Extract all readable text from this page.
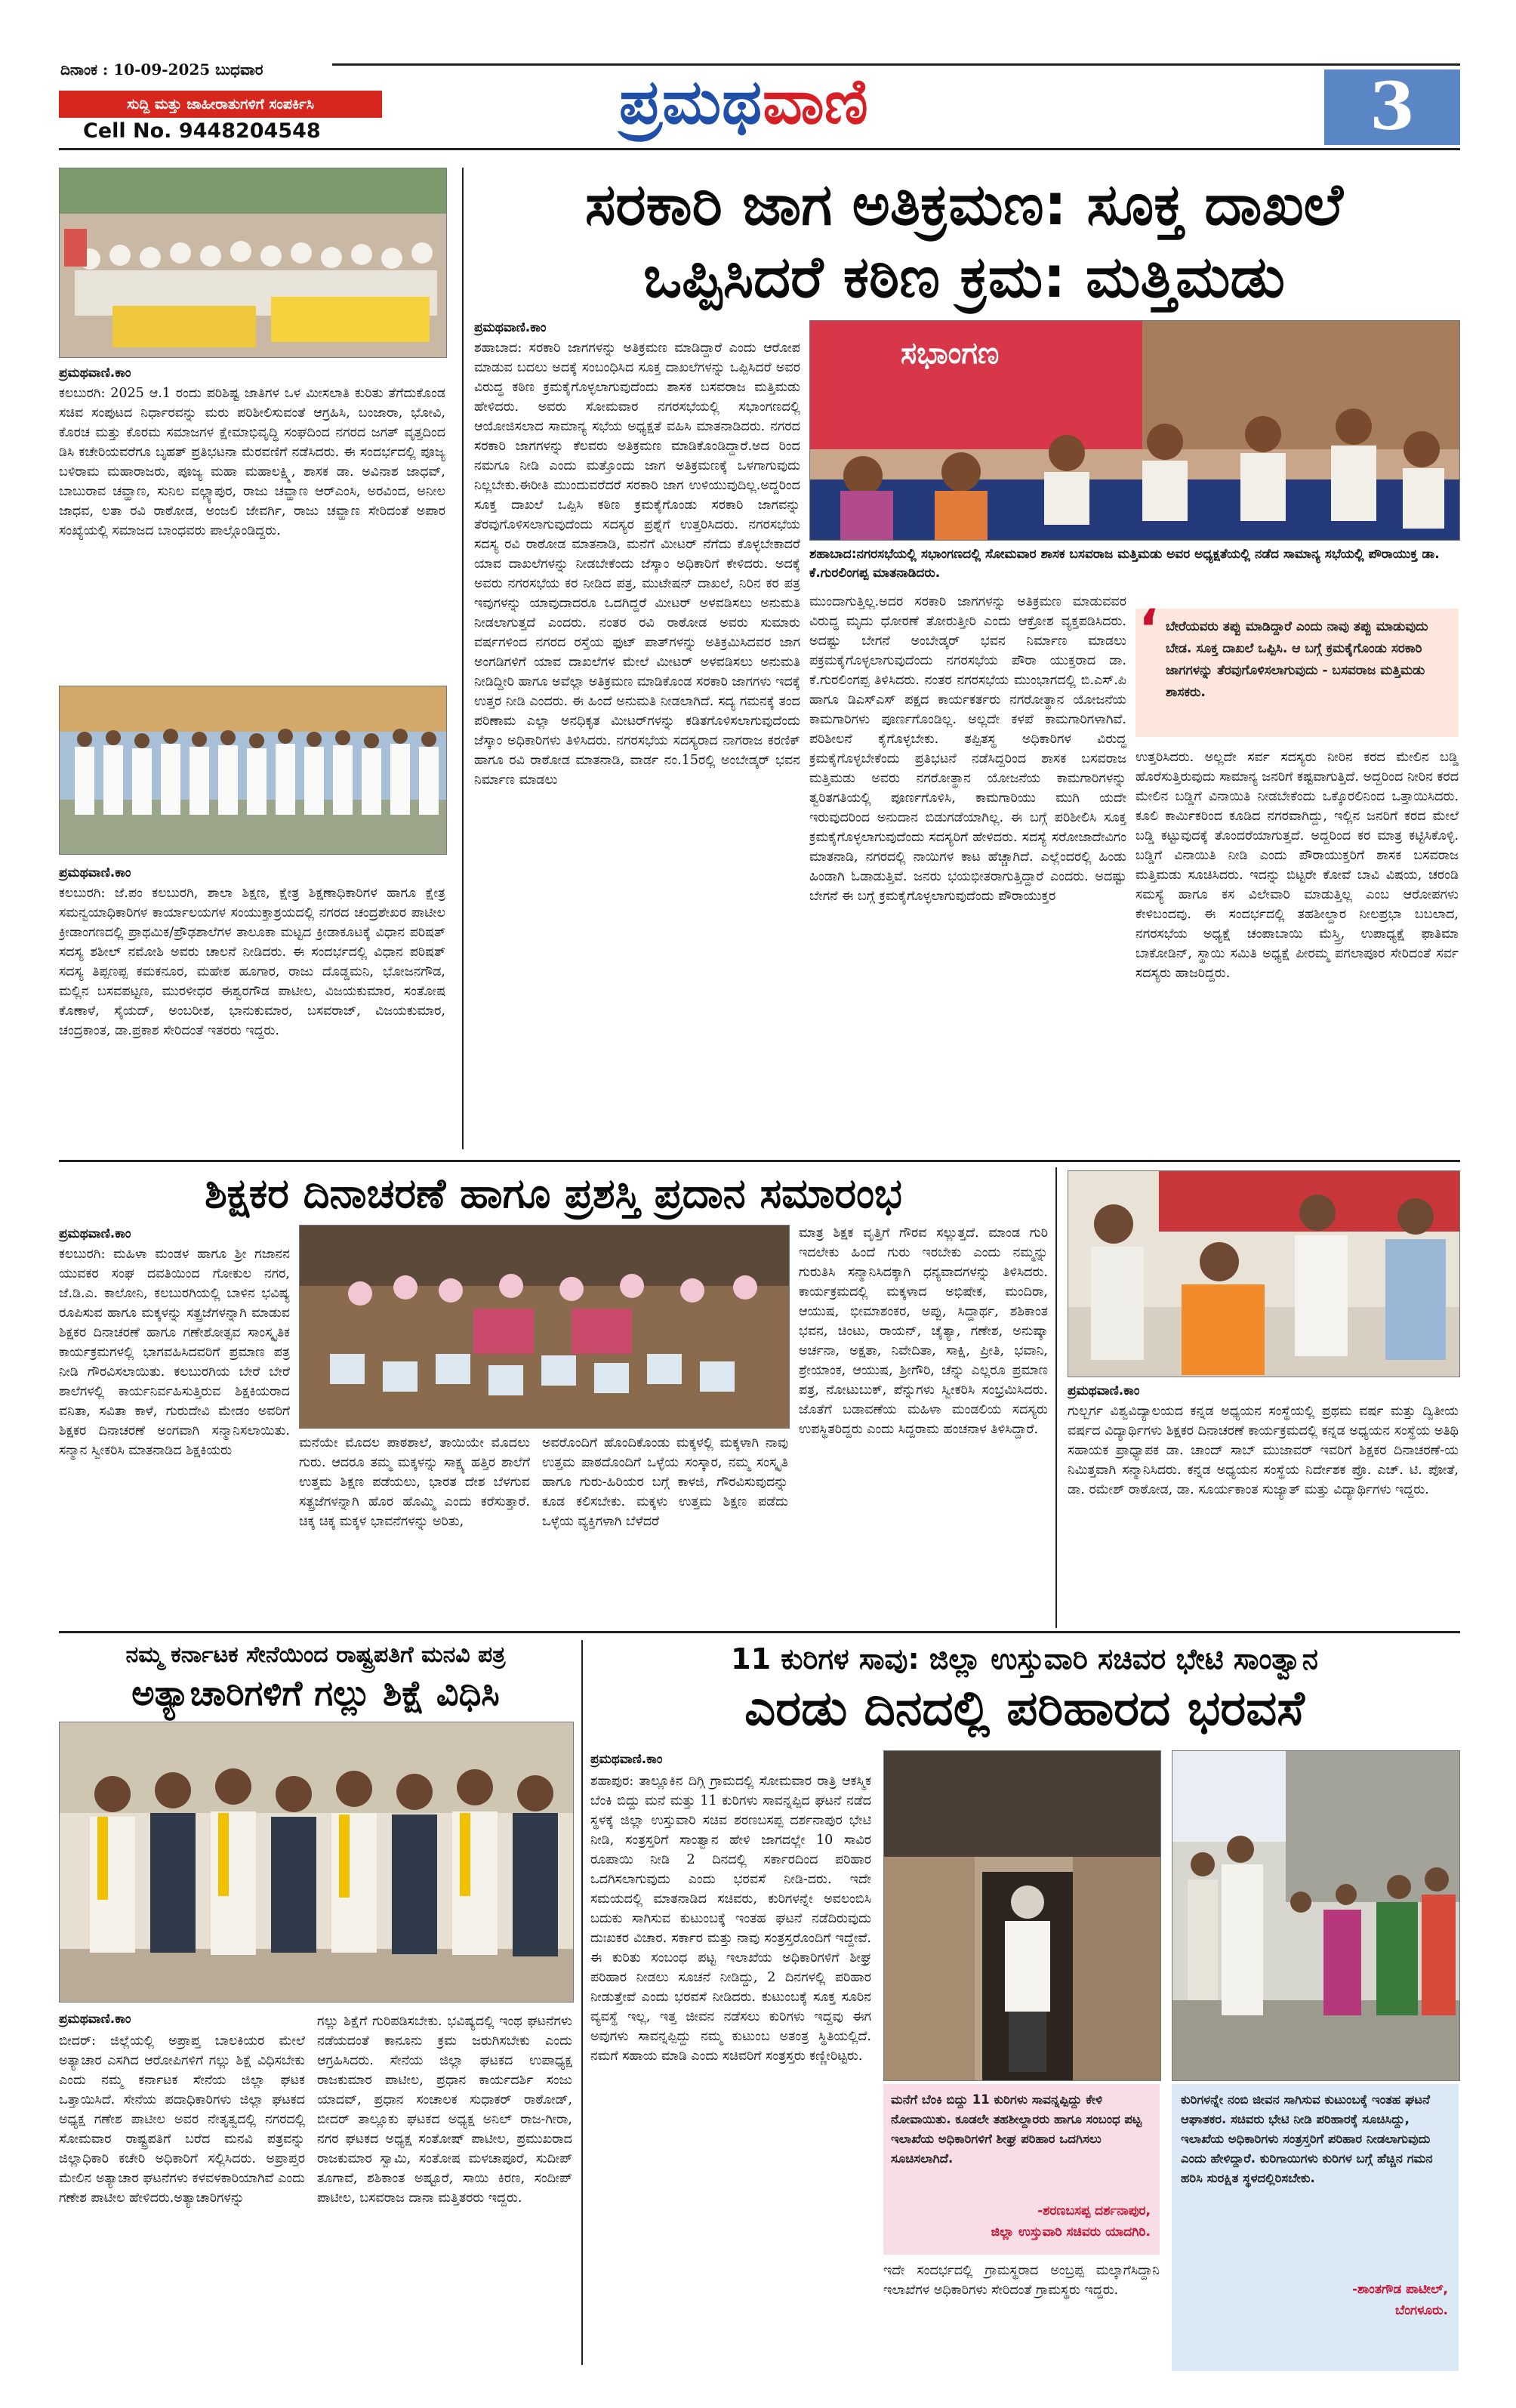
ದಿನಾಂಕ : 10-09-2025 ಬುಧವಾರ
ಸುದ್ದಿ ಮತ್ತು ಜಾಹೀರಾತುಗಳಿಗೆ ಸಂಪರ್ಕಿಸಿ
Cell No. 9448204548	ಪ್ರಮಥವಾಣಿ	3
ಪ್ರಮಥವಾಣಿ.ಕಾಂ
ಕಲಬುರಗಿ: 2025 ಆ.1 ರಂದು ಪರಿಶಿಷ್ಟ ಜಾತಿಗಳ ಒಳ ಮೀಸಲಾತಿ ಕುರಿತು ತೆಗೆದುಕೊಂಡ ಸಚಿವ ಸಂಪುಟದ ನಿರ್ಧಾರವನ್ನು ಮರು ಪರಿಶೀಲಿಸುವಂತೆ ಆಗ್ರಹಿಸಿ, ಬಂಜಾರಾ, ಭೋವಿ, ಕೊರಚ ಮತ್ತು ಕೊರಮ ಸಮಾಜಗಳ ಕ್ಷೇಮಾಭಿವೃದ್ಧಿ ಸಂಘದಿಂದ ನಗರದ ಜಗತ್ ವೃತ್ತದಿಂದ ಡಿಸಿ ಕಚೇರಿಯವರೆಗೂ ಬೃಹತ್ ಪ್ರತಿಭಟನಾ ಮೆರವಣಿಗೆ ನಡೆಸಿದರು. ಈ ಸಂದರ್ಭದಲ್ಲಿ ಪೂಜ್ಯ ಬಳಿರಾಮ ಮಹಾರಾಜರು, ಪೂಜ್ಯ ಮಹಾ ಮಹಾಲಕ್ಷ್ಮಿ, ಶಾಸಕ ಡಾ. ಅವಿನಾಶ ಜಾಧವ್, ಬಾಬುರಾವ ಚವ್ಹಾಣ, ಸುನಿಲ ವಲ್ಲ್ಯಾಪುರ, ರಾಜು ಚವ್ಹಾಣ ಆರ್‌ಎಂಸಿ, ಅರವಿಂದ, ಅನೀಲ ಜಾಧವ, ಲತಾ ರವಿ ರಾಠೋಡ, ಅಂಜಲಿ ಜೇವರ್ಗಿ, ರಾಜು ಚವ್ಹಾಣ ಸೇರಿದಂತೆ ಅಪಾರ ಸಂಖ್ಯೆಯಲ್ಲಿ ಸಮಾಜದ ಬಾಂಧವರು ಪಾಲ್ಗೊಂಡಿದ್ದರು.
ಪ್ರಮಥವಾಣಿ.ಕಾಂ
ಕಲಬುರಗಿ: ಜೆ.ಪಂ ಕಲಬುರಗಿ, ಶಾಲಾ ಶಿಕ್ಷಣ, ಕ್ಷೇತ್ರ ಶಿಕ್ಷಣಾಧಿಕಾರಿಗಳ ಹಾಗೂ ಕ್ಷೇತ್ರ ಸಮನ್ವಯಾಧಿಕಾರಿಗಳ ಕಾರ್ಯಾಲಯಗಳ ಸಂಯುಕ್ತಾಶ್ರಯದಲ್ಲಿ ನಗರದ ಚಂದ್ರಶೇಖರ ಪಾಟೀಲ ಕ್ರೀಡಾಂಗಣದಲ್ಲಿ ಪ್ರಾಥಮಿಕ/ಪ್ರೌಢಶಾಲೆಗಳ ತಾಲೂಕಾ ಮಟ್ಟದ ಕ್ರೀಡಾಕೂಟಕ್ಕೆ ವಿಧಾನ ಪರಿಷತ್ ಸದಸ್ಯ ಶಶೀಲ್ ನಮೋಶಿ ಅವರು ಚಾಲನೆ ನೀಡಿದರು. ಈ ಸಂದರ್ಭದಲ್ಲಿ ವಿಧಾನ ಪರಿಷತ್ ಸದಸ್ಯ ತಿಪ್ಪಣಪ್ಪ ಕಮಕನೂರ, ಮಹೇಶ ಹೂಗಾರ, ರಾಜು ದೊಡ್ಡಮನಿ, ಭೋಜನಗೌಡ, ಮಲ್ಲಿನ ಬಸವಪಟ್ಟಣ, ಮುರಳೀಧರ ಈಶ್ವರಗೌಡ ಪಾಟೀಲ, ವಿಜಯಕುಮಾರ, ಸಂತೋಷ ಕೊಣಾಳೆ, ಸೈಯದ್, ಅಂಬರೀಶ, ಭಾನುಕುಮಾರ, ಬಸವರಾಜ್, ವಿಜಯಕುಮಾರ, ಚಂದ್ರಕಾಂತ, ಡಾ.ಪ್ರಕಾಶ ಸೇರಿದಂತೆ ಇತರರು ಇದ್ದರು.
ಸರಕಾರಿ ಜಾಗ ಅತಿಕ್ರಮಣ: ಸೂಕ್ತ ದಾಖಲೆ
ಒಪ್ಪಿಸಿದರೆ ಕಠಿಣ ಕ್ರಮ: ಮತ್ತಿಮಡು
ಪ್ರಮಥವಾಣಿ.ಕಾಂ
ಶಹಾಬಾದ: ಸರಕಾರಿ ಜಾಗಗಳನ್ನು ಅತಿಕ್ರಮಣ ಮಾಡಿದ್ದಾರೆ ಎಂದು ಆರೋಪ ಮಾಡುವ ಬದಲು ಅದಕ್ಕೆ ಸಂಬಂಧಿಸಿದ ಸೂಕ್ತ ದಾಖಲೆಗಳನ್ನು ಒಪ್ಪಿಸಿದರೆ ಅವರ ವಿರುದ್ಧ ಕಠಿಣ ಕ್ರಮಕೈಗೊಳ್ಳಲಾಗುವುದೆಂದು ಶಾಸಕ ಬಸವರಾಜ ಮತ್ತಿಮಡು ಹೇಳಿದರು. ಅವರು ಸೋಮವಾರ ನಗರಸಭೆಯಲ್ಲಿ ಸಭಾಂಗಣದಲ್ಲಿ ಆಯೋಜಿಸಲಾದ ಸಾಮಾನ್ಯ ಸಭೆಯ ಅಧ್ಯಕ್ಷತೆ ವಹಿಸಿ ಮಾತನಾಡಿದರು. ನಗರದ ಸರಕಾರಿ ಜಾಗಗಳನ್ನು ಕೆಲವರು ಅತಿಕ್ರಮಣ ಮಾಡಿಕೊಂಡಿದ್ದಾರೆ.ಅದ ರಿಂದ ನಮಗೂ ನೀಡಿ ಎಂದು ಮತ್ತೊಂದು ಜಾಗ ಅತಿಕ್ರಮಣಕ್ಕೆ ಒಳಗಾಗುವುದು ನಿಲ್ಲಬೇಕು.ಈರೀತಿ ಮುಂದುವರೆದರೆ ಸರಕಾರಿ ಜಾಗ ಉಳಿಯುವುದಿಲ್ಲ.ಅದ್ದರಿಂದ ಸೂಕ್ತ ದಾಖಲೆ ಒಪ್ಪಿಸಿ ಕಠಿಣ ಕ್ರಮಕೈಗೊಂಡು ಸರಕಾರಿ ಜಾಗವನ್ನು ತೆರವುಗೊಳಿಸಲಾಗುವುದೆಂದು ಸದಸ್ಯರ ಪ್ರಶ್ನೆಗೆ ಉತ್ತರಿಸಿದರು. ನಗರಸಭೆಯ ಸದಸ್ಯ ರವಿ ರಾಠೋಡ ಮಾತನಾಡಿ, ಮನೆಗೆ ಮೀಟರ್ ನೆಗೆದು ಕೊಳ್ಳಬೇಕಾದರೆ ಯಾವ ದಾಖಲೆಗಳನ್ನು ನೀಡಬೇಕೆಂದು ಜೆಸ್ಕಾಂ ಅಧಿಕಾರಿಗೆ ಕೇಳಿದರು. ಅದಕ್ಕೆ ಅವರು ನಗರಸಭೆಯ ಕರ ನೀಡಿದ ಪತ್ರ, ಮುಟೇಷನ್ ದಾಖಲೆ, ನಿರಿನ ಕರ ಪತ್ರ ಇವುಗಳನ್ನು ಯಾವುದಾದರೂ ಒದಗಿದ್ದರೆ ಮೀಟರ್ ಅಳವಡಿಸಲು ಅನುಮತಿ ನೀಡಲಾಗುತ್ತದೆ ಎಂದರು. ನಂತರ ರವಿ ರಾಠೋಡ ಅವರು ಸುಮಾರು ವರ್ಷಗಳಿಂದ ನಗರದ ರಸ್ತೆಯ ಫುಟ್ ಪಾತ್‌ಗಳನ್ನು ಅತಿಕ್ರಮಿಸಿದವರ ಜಾಗ ಅಂಗಡಿಗಳಿಗೆ ಯಾವ ದಾಖಲೆಗಳ ಮೇಲೆ ಮೀಟರ್ ಅಳವಡಿಸಲು ಅನುಮತಿ ನೀಡಿದ್ದೀರಿ ಹಾಗೂ ಅವೆಲ್ಲಾ ಅತಿಕ್ರಮಣ ಮಾಡಿಕೊಂಡ ಸರಕಾರಿ ಜಾಗಗಳು ಇದಕ್ಕೆ ಉತ್ತರ ನೀಡಿ ಎಂದರು. ಈ ಹಿಂದೆ ಅನುಮತಿ ನೀಡಲಾಗಿದೆ. ಸದ್ಯ ಗಮನಕ್ಕೆ ತಂದ ಪರಿಣಾಮ ಎಲ್ಲಾ ಅನಧಿಕೃತ ಮೀಟರ್‌ಗಳನ್ನು ಕಡಿತಗೊಳಿಸಲಾಗುವುದೆಂದು ಜೆಸ್ಕಾಂ ಅಧಿಕಾರಿಗಳು ತಿಳಿಸಿದರು. ನಗರಸಭೆಯ ಸದಸ್ಯರಾದ ನಾಗರಾಜ ಕರಣಿಕ್ ಹಾಗೂ ರವಿ ರಾಠೋಡ ಮಾತನಾಡಿ, ವಾರ್ಡ ನಂ.15ರಲ್ಲಿ ಅಂಬೇಡ್ಕರ್ ಭವನ ನಿರ್ಮಾಣ ಮಾಡಲು
ಸಭಾಂಗಣ
ಶಹಾಬಾದ:ನಗರಸಭೆಯಲ್ಲಿ ಸಭಾಂಗಣದಲ್ಲಿ ಸೋಮವಾರ ಶಾಸಕ ಬಸವರಾಜ ಮತ್ತಿಮಡು ಅವರ ಅಧ್ಯಕ್ಷತೆಯಲ್ಲಿ ನಡೆದ ಸಾಮಾನ್ಯ ಸಭೆಯಲ್ಲಿ ಪೌರಾಯುಕ್ತ ಡಾ. ಕೆ.ಗುರಲಿಂಗಪ್ಪ ಮಾತನಾಡಿದರು.
ಮುಂದಾಗುತ್ತಿಲ್ಲ.ಅದರ ಸರಕಾರಿ ಜಾಗಗಳನ್ನು ಅತಿಕ್ರಮಣ ಮಾಡುವವರ ವಿರುದ್ಧ ಮೃದು ಧೋರಣೆ ತೋರುತ್ತೀರಿ ಎಂದು ಆಕ್ರೋಶ ವ್ಯಕ್ತಪಡಿಸಿದರು. ಅದಷ್ಟು ಬೇಗನೆ ಅಂಬೇಡ್ಕರ್ ಭವನ ನಿರ್ಮಾಣ ಮಾಡಲು ಪಕ್ರಮಕೈಗೊಳ್ಳಲಾಗುವುದೆಂದು ನಗರಸಭೆಯ ಪೌರಾ ಯುಕ್ತರಾದ ಡಾ. ಕೆ.ಗುರಲಿಂಗಪ್ಪ ತಿಳಿಸಿದರು. ನಂತರ ನಗರಸಭೆಯ ಮುಂಭಾಗದಲ್ಲಿ ಬಿ.ಎಸ್.ಪಿ ಹಾಗೂ ಡಿಎಸ್ಎಸ್ ಪಕ್ಷದ ಕಾರ್ಯಕರ್ತರು ನಗರೋತ್ಥಾನ ಯೋಜನೆಯ ಕಾಮಗಾರಿಗಳು ಪೂರ್ಣಗೊಂಡಿಲ್ಲ. ಅಲ್ಲದೇ ಕಳಪೆ ಕಾಮಗಾರಿಗಳಾಗಿವೆ. ಪರಿಶೀಲನೆ ಕೈಗೊಳ್ಳಬೇಕು. ತಪ್ಪಿತಸ್ಥ ಅಧಿಕಾರಿಗಳ ವಿರುದ್ಧ ಕ್ರಮಕೈಗೊಳ್ಳಬೇಕೆಂದು ಪ್ರತಿಭಟನೆ ನಡೆಸಿದ್ದರಿಂದ ಶಾಸಕ ಬಸವರಾಜ ಮತ್ತಿಮಡು ಅವರು ನಗರೋತ್ಥಾನ ಯೋಜನೆಯ ಕಾಮಗಾರಿಗಳನ್ನು ತ್ವರಿತಗತಿಯಲ್ಲಿ ಪೂರ್ಣಗೊಳಿಸಿ, ಕಾಮಗಾರಿಯು ಮುಗಿ ಯದೇ ಇರುವುದರಿಂದ ಅನುದಾನ ಬಿಡುಗಡೆಯಾಗಿಲ್ಲ. ಈ ಬಗ್ಗೆ ಪರಿಶೀಲಿಸಿ ಸೂಕ್ತ ಕ್ರಮಕೈಗೊಳ್ಳಲಾಗುವುದೆಂದು ಸದಸ್ಯರಿಗೆ ಹೇಳಿದರು. ಸದಸ್ಯೆ ಸರೋಜಾದೇವಿಗಂ ಮಾತನಾಡಿ, ನಗರದಲ್ಲಿ ನಾಯಿಗಳ ಕಾಟ ಹೆಚ್ಚಾಗಿದೆ. ಎಲ್ಲೆಂದರಲ್ಲಿ ಹಿಂಡು ಹಿಂಡಾಗಿ ಓಡಾಡುತ್ತಿವೆ. ಜನರು ಭಯಭೀತರಾಗುತ್ತಿದ್ದಾರೆ ಎಂದರು. ಅದಷ್ಟು ಬೇಗನೆ ಈ ಬಗ್ಗೆ ಕ್ರಮಕೈಗೊಳ್ಳಲಾಗುವುದೆಂದು ಪೌರಾಯುಕ್ತರ
‘ ಬೇರೆಯವರು ತಪ್ಪು ಮಾಡಿದ್ದಾರೆ ಎಂದು ನಾವು ತಪ್ಪು ಮಾಡುವುದು ಬೇಡ. ಸೂಕ್ತ ದಾಖಲೆ ಒಪ್ಪಿಸಿ. ಆ ಬಗ್ಗೆ ಕ್ರಮಕೈಗೊಂಡು ಸರಕಾರಿ ಜಾಗಗಳನ್ನು ತೆರವುಗೊಳಿಸಲಾಗುವುದು - ಬಸವರಾಜ ಮತ್ತಿಮಡು ಶಾಸಕರು.
ಉತ್ತರಿಸಿದರು. ಅಲ್ಲದೇ ಸರ್ವ ಸದಸ್ಯರು ನೀರಿನ ಕರದ ಮೇಲಿನ ಬಡ್ಡಿ ಹೊರೆಸುತ್ತಿರುವುದು ಸಾಮಾನ್ಯ ಜನರಿಗೆ ಕಷ್ಟವಾಗುತ್ತಿದೆ. ಅದ್ದರಿಂದ ನೀರಿನ ಕರದ ಮೇಲಿನ ಬಡ್ಡಿಗೆ ವಿನಾಯಿತಿ ನೀಡಬೇಕೆಂದು ಒಕ್ಕೊರಲಿನಿಂದ ಒತ್ತಾಯಿಸಿದರು. ಕೂಲಿ ಕಾರ್ಮಿಕರಿಂದ ಕೂಡಿದ ನಗರವಾಗಿದ್ದು, ಇಲ್ಲಿನ ಜನರಿಗೆ ಕರದ ಮೇಲೆ ಬಡ್ಡಿ ಕಟ್ಟುವುದಕ್ಕೆ ತೊಂದರೆಯಾಗುತ್ತದೆ. ಅದ್ದರಿಂದ ಕರ ಮಾತ್ರ ಕಟ್ಟಿಸಿಕೊಳ್ಳಿ. ಬಡ್ಡಿಗೆ ವಿನಾಯಿತಿ ನೀಡಿ ಎಂದು ಪೌರಾಯುಕ್ತರಿಗೆ ಶಾಸಕ ಬಸವರಾಜ ಮತ್ತಿಮಡು ಸೂಚಿಸಿದರು. ಇದನ್ನು ಬಿಟ್ಟರೇ ಕೋವೆ ಬಾವಿ ವಿಷಯ, ಚರಂಡಿ ಸಮಸ್ಯೆ ಹಾಗೂ ಕಸ ವಿಲೇವಾರಿ ಮಾಡುತ್ತಿಲ್ಲ ಎಂಬ ಆರೋಪಗಳು ಕೇಳಿಬಂದವು. ಈ ಸಂದರ್ಭದಲ್ಲಿ ತಹಶೀಲ್ದಾರ ನೀಲಪ್ರಭಾ ಬಬಲಾದ, ನಗರಸಭೆಯ ಅಧ್ಯಕ್ಷೆ ಚಂಪಾಬಾಯಿ ಮೆಸ್ತ್ರಿ, ಉಪಾಧ್ಯಕ್ಷೆ ಫಾತಿಮಾ ಬಾಕೋಡಿನ್, ಸ್ಥಾಯಿ ಸಮಿತಿ ಅಧ್ಯಕ್ಷೆ ಪೀರಮ್ಮ ಪಗಲಾಪೂರ ಸೇರಿದಂತೆ ಸರ್ವ ಸದಸ್ಯರು ಹಾಜರಿದ್ದರು.
ಶಿಕ್ಷಕರ ದಿನಾಚರಣೆ ಹಾಗೂ ಪ್ರಶಸ್ತಿ ಪ್ರದಾನ ಸಮಾರಂಭ
ಪ್ರಮಥವಾಣಿ.ಕಾಂ
ಕಲಬುರಗಿ: ಮಹಿಳಾ ಮಂಡಳ ಹಾಗೂ ಶ್ರೀ ಗಜಾನನ ಯುವಕರ ಸಂಘ ದವತಿಯಿಂದ ಗೋಕುಲ ನಗರ, ಜೆ.ಡಿ.ಎ. ಕಾಲೋನಿ, ಕಲಬುರಗಿಯಲ್ಲಿ ಬಾಳಿನ ಭವಿಷ್ಯ ರೂಪಿಸುವ ಹಾಗೂ ಮಕ್ಕಳನ್ನು ಸತ್ಪ್ರಜೆಗಳನ್ನಾಗಿ ಮಾಡುವ ಶಿಕ್ಷಕರ ದಿನಾಚರಣೆ ಹಾಗೂ ಗಣೇಶೋತ್ಸವ ಸಾಂಸ್ಕೃತಿಕ ಕಾರ್ಯಕ್ರಮಗಳಲ್ಲಿ ಭಾಗವಹಿಸಿದವರಿಗೆ ಪ್ರಮಾಣ ಪತ್ರ ನೀಡಿ ಗೌರವಿಸಲಾಯಿತು. ಕಲಬುರಗಿಯ ಬೇರೆ ಬೇರೆ ಶಾಲೆಗಳಲ್ಲಿ ಕಾರ್ಯನಿರ್ವಹಿಸುತ್ತಿರುವ ಶಿಕ್ಷಕಿಯರಾದ ವನಿತಾ, ಸವಿತಾ ಕಾಳೆ, ಗುರುದೇವಿ ಮೇಡಂ ಅವರಿಗೆ ಶಿಕ್ಷಕರ ದಿನಾಚರಣೆ ಅಂಗವಾಗಿ ಸನ್ಮಾನಿಸಲಾಯಿತು. ಸನ್ಮಾನ ಸ್ವೀಕರಿಸಿ ಮಾತನಾಡಿದ ಶಿಕ್ಷಕಿಯರು	ಮನೆಯೇ ಮೊದಲ ಪಾಠಶಾಲೆ, ತಾಯಿಯೇ ಮೊದಲು ಗುರು. ಆದರೂ ತಮ್ಮ ಮಕ್ಕಳನ್ನು ಸಾಕ್ಷ್ಯ ಹತ್ತಿರ ಶಾಲೆಗೆ ಉತ್ತಮ ಶಿಕ್ಷಣ ಪಡೆಯಲು, ಭಾರತ ದೇಶ ಬೆಳಗುವ ಸತ್ಪ್ರಜೆಗಳನ್ನಾಗಿ ಹೊರ ಹೊಮ್ಮಿ ಎಂದು ಕರೆಸುತ್ತಾರೆ. ಚಿಕ್ಕ ಚಿಕ್ಕ ಮಕ್ಕಳ ಭಾವನೆಗಳನ್ನು ಅರಿತು,
ಅವರೊಂದಿಗೆ ಹೊಂದಿಕೊಂಡು ಮಕ್ಕಳಲ್ಲಿ ಮಕ್ಕಳಾಗಿ ನಾವು ಉತ್ತಮ ಪಾಠದೊಂದಿಗೆ ಒಳ್ಳೆಯ ಸಂಸ್ಕಾರ, ನಮ್ಮ ಸಂಸ್ಕೃತಿ ಹಾಗೂ ಗುರು-ಹಿರಿಯರ ಬಗ್ಗೆ ಕಾಳಜಿ, ಗೌರವಿಸುವುದನ್ನು ಕೂಡ ಕಲಿಸಬೇಕು. ಮಕ್ಕಳು ಉತ್ತಮ ಶಿಕ್ಷಣ ಪಡೆದು ಒಳ್ಳೆಯ ವ್ಯಕ್ತಿಗಳಾಗಿ ಬೆಳೆದರೆ
ಮಾತ್ರ ಶಿಕ್ಷಕ ವೃತ್ತಿಗೆ ಗೌರವ ಸಲ್ಲುತ್ತದೆ. ಮಾಂಡ ಗುರಿ ಇದಲೇಕು ಹಿಂದೆ ಗುರು ಇರಬೇಕು ಎಂದು ನಮ್ಮನ್ನು ಗುರುತಿಸಿ ಸನ್ಮಾನಿಸಿದಕ್ಕಾಗಿ ಧನ್ಯವಾದಗಳನ್ನು ತಿಳಿಸಿದರು. ಕಾರ್ಯಕ್ರಮದಲ್ಲಿ ಮಕ್ಕಳಾದ ಅಭಿಷೇಕ, ಮಂದಿರಾ, ಆಯುಷ, ಭೀಮಾಶಂಕರ, ಅಪ್ಪು, ಸಿದ್ದಾರ್ಥ, ಶಶಿಕಾಂತ ಭವನ, ಚಿಂಟು, ರಾಯನ್, ಚೈತ್ಯಾ, ಗಣೇಶ, ಅನುಷ್ಕಾ ಅರ್ಚನಾ, ಅಕ್ಷತಾ, ನಿವೇದಿತಾ, ಸಾಕ್ಷಿ, ಪ್ರೀತಿ, ಭವಾನಿ, ಶ್ರೇಯಾಂಕ, ಆಯುಷ, ಶ್ರೀಗೌರಿ, ಚೆನ್ನು ಎಲ್ಲರೂ ಪ್ರಮಾಣ ಪತ್ರ, ನೋಟುಬುಕ್, ಪೆನ್ನುಗಳು ಸ್ವೀಕರಿಸಿ ಸಂಭ್ರಮಿಸಿದರು. ಜೊತೆಗೆ ಬಡಾವಣೆಯ ಮಹಿಳಾ ಮಂಡಲಿಯ ಸದಸ್ಯರು ಉಪಸ್ಥಿತರಿದ್ದರು ಎಂದು ಸಿದ್ದರಾಮ ಹಂಚನಾಳ ತಿಳಿಸಿದ್ದಾರೆ.
ಪ್ರಮಥವಾಣಿ.ಕಾಂ
ಗುಲ್ಬರ್ಗ ವಿಶ್ವವಿದ್ಯಾಲಯದ ಕನ್ನಡ ಅಧ್ಯಯನ ಸಂಸ್ಥೆಯಲ್ಲಿ ಪ್ರಥಮ ವರ್ಷ ಮತ್ತು ದ್ವಿತೀಯ ವರ್ಷದ ವಿದ್ಯಾರ್ಥಿಗಳು ಶಿಕ್ಷಕರ ದಿನಾಚರಣೆ ಕಾರ್ಯಕ್ರಮದಲ್ಲಿ ಕನ್ನಡ ಅಧ್ಯಯನ ಸಂಸ್ಥೆಯ ಅತಿಥಿ ಸಹಾಯಕ ಪ್ರಾಧ್ಯಾಪಕ ಡಾ. ಚಾಂದ್ ಸಾಬ್ ಮುಜಾವರ್ ಇವರಿಗೆ ಶಿಕ್ಷಕರ ದಿನಾಚರಣೆ-ಯ ನಿಮಿತ್ತವಾಗಿ ಸನ್ಮಾನಿಸಿದರು. ಕನ್ನಡ ಅಧ್ಯಯನ ಸಂಸ್ಥೆಯ ನಿರ್ದೇಶಕ ಪ್ರೊ. ಎಚ್. ಟಿ. ಪೋತೆ, ಡಾ. ರಮೇಶ್ ರಾಠೋಡ, ಡಾ. ಸೂರ್ಯಕಾಂತ ಸುಜ್ಯಾತ್ ಮತ್ತು ವಿದ್ಯಾರ್ಥಿಗಳು ಇದ್ದರು.
ನಮ್ಮ ಕರ್ನಾಟಕ ಸೇನೆಯಿಂದ ರಾಷ್ಟ್ರಪತಿಗೆ ಮನವಿ ಪತ್ರ
ಅತ್ಯಾಚಾರಿಗಳಿಗೆ ಗಲ್ಲು ಶಿಕ್ಷೆ ವಿಧಿಸಿ
ಪ್ರಮಥವಾಣಿ.ಕಾಂ
ಬೀದರ್: ಜಿಲ್ಲೆಯಲ್ಲಿ ಅಪ್ರಾಪ್ತ ಬಾಲಕಿಯರ ಮೇಲೆ ಅತ್ಯಾಚಾರ ಎಸಗಿದ ಆರೋಪಿಗಳಿಗೆ ಗಲ್ಲು ಶಿಕ್ಷೆ ವಿಧಿಸಬೇಕು ಎಂದು ನಮ್ಮ ಕರ್ನಾಟಕ ಸೇನೆಯ ಜಿಲ್ಲಾ ಘಟಕ ಒತ್ತಾಯಿಸಿದೆ. ಸೇನೆಯ ಪದಾಧಿಕಾರಿಗಳು ಜಿಲ್ಲಾ ಘಟಕದ ಅಧ್ಯಕ್ಷ ಗಣೇಶ ಪಾಟೀಲ ಅವರ ನೇತೃತ್ವದಲ್ಲಿ ನಗರದಲ್ಲಿ ಸೋಮವಾರ ರಾಷ್ಟ್ರಪತಿಗೆ ಬರೆದ ಮನವಿ ಪತ್ರವನ್ನು ಜಿಲ್ಲಾಧಿಕಾರಿ ಕಚೇರಿ ಅಧಿಕಾರಿಗೆ ಸಲ್ಲಿಸಿದರು. ಅಪ್ರಾಪ್ತರ ಮೇಲಿನ ಅತ್ಯಾಚಾರ ಘಟನೆಗಳು ಕಳವಳಕಾರಿಯಾಗಿವೆ ಎಂದು ಗಣೇಶ ಪಾಟೀಲ ಹೇಳಿದರು.ಅತ್ಯಾಚಾರಿಗಳನ್ನು
ಗಲ್ಲು ಶಿಕ್ಷೆಗೆ ಗುರಿಪಡಿಸಬೇಕು. ಭವಿಷ್ಯದಲ್ಲಿ ಇಂಥ ಘಟನೆಗಳು ನಡೆಯದಂತೆ ಕಾನೂನು ಕ್ರಮ ಜರುಗಿಸಬೇಕು ಎಂದು ಆಗ್ರಹಿಸಿದರು. ಸೇನೆಯ ಜಿಲ್ಲಾ ಘಟಕದ ಉಪಾಧ್ಯಕ್ಷ ರಾಜಕುಮಾರ ಪಾಟೀಲ, ಪ್ರಧಾನ ಕಾರ್ಯದರ್ಶಿ ಸಂಜು ಯಾದವ್, ಪ್ರಧಾನ ಸಂಚಾಲಕ ಸುಧಾಕರ್ ರಾಠೋಡ್, ಬೀದರ್ ತಾಲ್ಲೂಕು ಘಟಕದ ಅಧ್ಯಕ್ಷ ಅನಿಲ್ ರಾಜ-ಗೀರಾ, ನಗರ ಘಟಕದ ಅಧ್ಯಕ್ಷ ಸಂತೋಷ್ ಪಾಟೀಲ, ಪ್ರಮುಖರಾದ ರಾಜಕುಮಾರ ಸ್ವಾಮಿ, ಸಂತೋಷ ಮಳಚಾಪೂರೆ, ಸುದೀಪ್ ತೂಗಾವೆ, ಶಶಿಕಾಂತ ಅಷ್ಟೂರೆ, ಸಾಯಿ ಕಿರಣ, ಸಂದೀಪ್ ಪಾಟೀಲ, ಬಸವರಾಜ ದಾನಾ ಮತ್ತಿತರರು ಇದ್ದರು.
11 ಕುರಿಗಳ ಸಾವು: ಜಿಲ್ಲಾ ಉಸ್ತುವಾರಿ ಸಚಿವರ ಭೇಟಿ ಸಾಂತ್ವಾನ
ಎರಡು ದಿನದಲ್ಲಿ ಪರಿಹಾರದ ಭರವಸೆ
ಪ್ರಮಥವಾಣಿ.ಕಾಂ
ಶಹಾಪುರ: ತಾಲ್ಲೂಕಿನ ದಿಗ್ಗಿ ಗ್ರಾಮದಲ್ಲಿ ಸೋಮವಾರ ರಾತ್ರಿ ಆಕಸ್ಮಿಕ ಬೆಂಕಿ ಬಿದ್ದು ಮನೆ ಮತ್ತು 11 ಕುರಿಗಳು ಸಾವನ್ನಪ್ಪಿದ ಘಟನೆ ನಡೆದ ಸ್ಥಳಕ್ಕೆ ಜಿಲ್ಲಾ ಉಸ್ತುವಾರಿ ಸಚಿವ ಶರಣಬಸಪ್ಪ ದರ್ಶನಾಪುರ ಭೇಟಿ ನೀಡಿ, ಸಂತ್ರಸ್ತರಿಗೆ ಸಾಂತ್ವಾನ ಹೇಳಿ ಜಾಗದಲ್ಲೇ 10 ಸಾವಿರ ರೂಪಾಯಿ ನೀಡಿ 2 ದಿನದಲ್ಲಿ ಸರ್ಕಾರದಿಂದ ಪರಿಹಾರ ಒದಗಿಸಲಾಗುವುದು ಎಂದು ಭರವಸೆ ನೀಡಿ-ದರು. ಇದೇ ಸಮಯದಲ್ಲಿ ಮಾತನಾಡಿದ ಸಚಿವರು, ಕುರಿಗಳನ್ನೇ ಅವಲಂಬಿಸಿ ಬದುಕು ಸಾಗಿಸುವ ಕುಟುಂಬಕ್ಕೆ ಇಂತಹ ಘಟನೆ ನಡೆದಿರುವುದು ದುಃಖಕರ ವಿಚಾರ. ಸರ್ಕಾರ ಮತ್ತು ನಾವು ಸಂತ್ರಸ್ತರೊಂದಿಗೆ ಇದ್ದೇವೆ. ಈ ಕುರಿತು ಸಂಬಂಧ ಪಟ್ಟ ಇಲಾಖೆಯ ಅಧಿಕಾರಿಗಳಿಗೆ ಶೀಘ್ರ ಪರಿಹಾರ ನೀಡಲು ಸೂಚನೆ ನೀಡಿದ್ದು, 2 ದಿನಗಳಲ್ಲಿ ಪರಿಹಾರ ನೀಡುತ್ತೇವೆ ಎಂದು ಭರವಸೆ ನೀಡಿದರು. ಕುಟುಂಬಕ್ಕೆ ಸೂಕ್ತ ಸೂರಿನ ವ್ಯವಸ್ಥೆ ಇಲ್ಲ, ಇತ್ತ ಜೀವನ ನಡೆಸಲು ಕುರಿಗಳು ಇದ್ದವು ಈಗ ಅವುಗಳು ಸಾವನ್ನಪ್ಪಿದ್ದು ನಮ್ಮ ಕುಟುಂಬ ಅತಂತ್ರ ಸ್ಥಿತಿಯಲ್ಲಿದೆ. ನಮಗೆ ಸಹಾಯ ಮಾಡಿ ಎಂದು ಸಚಿವರಿಗೆ ಸಂತ್ರಸ್ತರು ಕಣ್ಣೀರಿಟ್ಟರು.
ಮನೆಗೆ ಬೆಂಕಿ ಬಿದ್ದು 11 ಕುರಿಗಳು ಸಾವನ್ನಪ್ಪಿದ್ದು ಕೇಳಿ ನೋವಾಯಿತು. ಕೂಡಲೇ ತಹಶೀಲ್ದಾರರು ಹಾಗೂ ಸಂಬಂಧ ಪಟ್ಟ ಇಲಾಖೆಯ ಅಧಿಕಾರಿಗಳಿಗೆ ಶೀಘ್ರ ಪರಿಹಾರ ಒದಗಿಸಲು ಸೂಚಿಸಲಾಗಿದೆ.
-ಶರಣಬಸಪ್ಪ ದರ್ಶನಾಪುರ,
ಜಿಲ್ಲಾ ಉಸ್ತುವಾರಿ ಸಚಿವರು ಯಾದಗಿರಿ.
ಇದೇ ಸಂದರ್ಭದಲ್ಲಿ ಗ್ರಾಮಸ್ಥರಾದ ಅಂಬ್ರಪ್ಪ ಮಲ್ಕಾಗೆಸಿದ್ದಾನಿ ಇಲಾಖೆಗಳ ಅಧಿಕಾರಿಗಳು ಸೇರಿದಂತೆ ಗ್ರಾಮಸ್ಥರು ಇದ್ದರು.
ಕುರಿಗಳನ್ನೇ ನಂಬಿ ಜೀವನ ಸಾಗಿಸುವ ಕುಟುಂಬಕ್ಕೆ ಇಂತಹ ಘಟನೆ ಆಘಾತಕರ. ಸಚಿವರು ಭೇಟಿ ನೀಡಿ ಪರಿಹಾರಕ್ಕೆ ಸೂಚಿಸಿದ್ದು, ಇಲಾಖೆಯ ಅಧಿಕಾರಿಗಳು ಸಂತ್ರಸ್ತರಿಗೆ ಪರಿಹಾರ ನೀಡಲಾಗುವುದು ಎಂದು ಹೇಳಿದ್ದಾರೆ. ಕುರಿಗಾಯಿಗಳು ಕುರಿಗಳ ಬಗ್ಗೆ ಹೆಚ್ಚಿನ ಗಮನ ಹರಿಸಿ ಸುರಕ್ಷಿತ ಸ್ಥಳದಲ್ಲಿರಿಸಬೇಕು.
-ಶಾಂತಗೌಡ ಪಾಟೀಲ್,
ಬೆಂಗಳೂರು.
